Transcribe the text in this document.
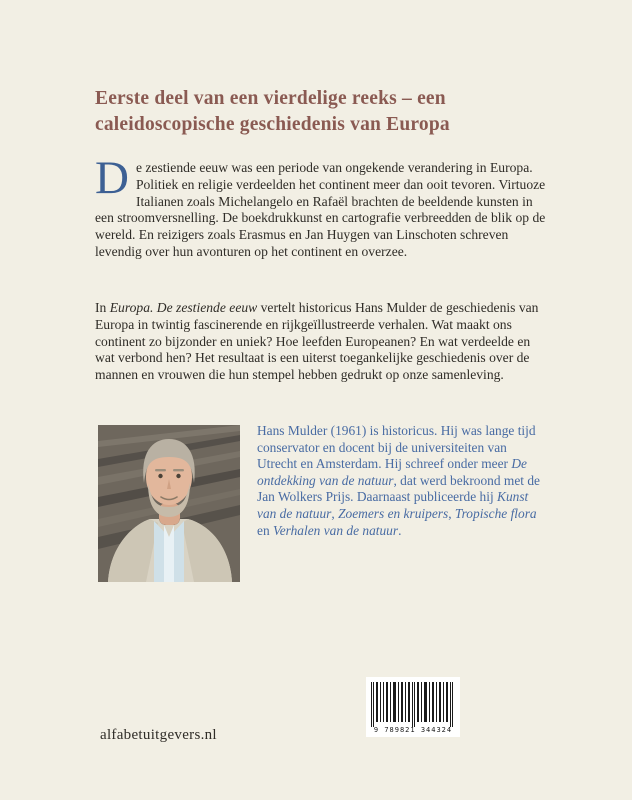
Eerste deel van een vierdelige reeks – een caleidoscopische geschiedenis van Europa
De zestiende eeuw was een periode van ongekende verandering in Europa. Politiek en religie verdeelden het continent meer dan ooit tevoren. Virtuoze Italianen zoals Michelangelo en Rafaël brachten de beeldende kunsten in een stroomversnelling. De boekdrukkunst en cartografie verbreedden de blik op de wereld. En reizigers zoals Erasmus en Jan Huygen van Linschoten schreven levendig over hun avonturen op het continent en overzee.
In Europa. De zestiende eeuw vertelt historicus Hans Mulder de geschiedenis van Europa in twintig fascinerende en rijkgeïllustreerde verhalen. Wat maakt ons continent zo bijzonder en uniek? Hoe leefden Europeanen? En wat verdeelde en wat verbond hen? Het resultaat is een uiterst toegankelijke geschiedenis over de mannen en vrouwen die hun stempel hebben gedrukt op onze samenleving.
Hans Mulder (1961) is historicus. Hij was lange tijd conservator en docent bij de universiteiten van Utrecht en Amsterdam. Hij schreef onder meer De ontdekking van de natuur, dat werd bekroond met de Jan Wolkers Prijs. Daarnaast publiceerde hij Kunst van de natuur, Zoemers en kruipers, Tropische flora en Verhalen van de natuur.
9 789821 344324
alfabetuitgevers.nl
